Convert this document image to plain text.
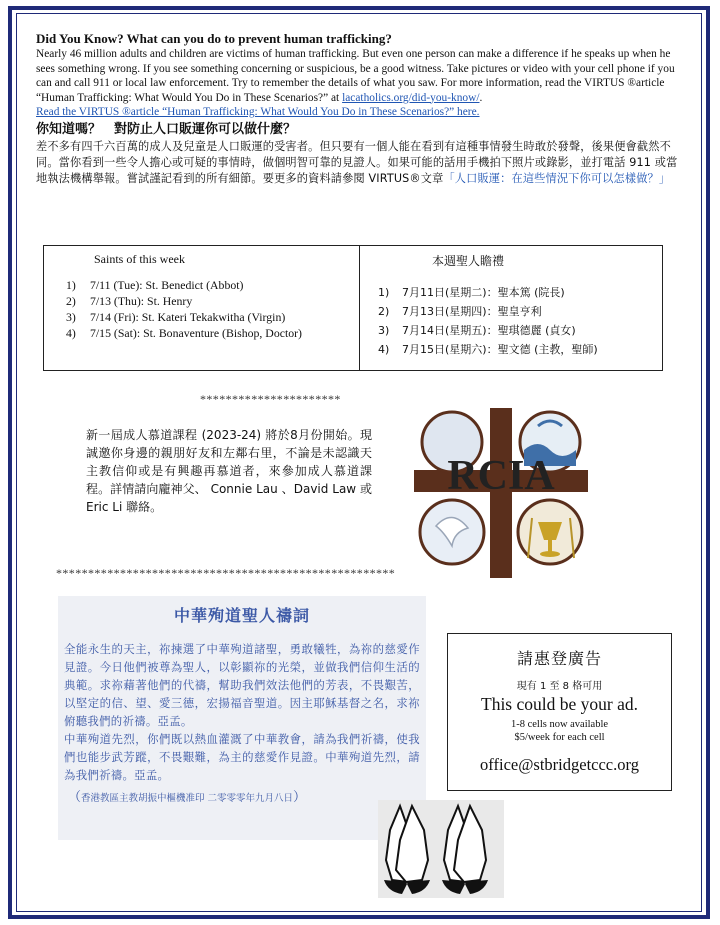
Did You Know? What can you do to prevent human trafficking?

Nearly 46 million adults and children are victims of human trafficking. But even one person can make a difference if he speaks up when he sees something wrong. If you see something concerning or suspicious, be a good witness. Take pictures or video with your cell phone if you can and call 911 or local law enforcement. Try to remember the details of what you saw. For more information, read the VIRTUS ®article “Human Trafficking: What Would You Do in These Scenarios?” at lacatholics.org/did-you-know/.

Read the VIRTUS ®article “Human Trafficking: What Would You Do in These Scenarios?” here.

你知道嗎？　對防止人口販運你可以做什麼？

差不多有四千六百萬的成人及兒童是人口販運的受害者。但只要有一個人能在看到有這種事情發生時敢於發聲，後果便會截然不同。當你看到一些令人擔心或可疑的事情時，做個明智可靠的見證人。如果可能的話用手機拍下照片或錄影，並打電話 911 或當地執法機構舉報。嘗試謹記看到的所有細節。要更多的資料請參閱 VIRTUS®文章「人口販運：在這些情況下你可以怎樣做？」

Saints of this week
1) 7/11 (Tue): St. Benedict (Abbot)
2) 7/13 (Thu): St. Henry
3) 7/14 (Fri): St. Kateri Tekakwitha (Virgin)
4) 7/15 (Sat): St. Bonaventure (Bishop, Doctor)
本週聖人瞻禮
1) 7月11日(星期二)：聖本篤 (院長)
2) 7月13日(星期四)：聖皇亨利
3) 7月14日(星期五)：聖琪德麗 (貞女)
4) 7月15日(星期六)：聖文德 (主教，聖師)
**********************
新一屆成人慕道課程 (2023-24) 將於8月份開始。現誠邀你身邊的親朋好友和左鄰右里，不論是未認識天主教信仰或是有興趣再慕道者，來參加成人慕道課程。詳情請向龐神父、 Connie Lau 、David Law 或 Eric Li 聯絡。
RCIA
*****************************************************
中華殉道聖人禱詞

全能永生的天主，祢揀選了中華殉道諸聖，勇敢犧牲，為祢的慈愛作見證。今日他們被尊為聖人，以彰顯祢的光榮，並做我們信仰生活的典範。求祢藉著他們的代禱，幫助我們效法他們的芳表，不畏艱苦，以堅定的信、望、愛三德，宏揚福音聖道。因主耶穌基督之名，求祢俯聽我們的祈禱。亞孟。

中華殉道先烈，你們既以熱血灌溉了中華教會，請為我們祈禱，使我們也能步武芳蹤，不畏艱難，為主的慈愛作見證。中華殉道先烈，請為我們祈禱。亞孟。

（香港教區主教胡振中樞機准印 二零零零年九月八日）
請惠登廣告
現有 1 至 8 格可用
This could be your ad.
1-8 cells now available
$5/week for each cell
office@stbridgetccc.org
